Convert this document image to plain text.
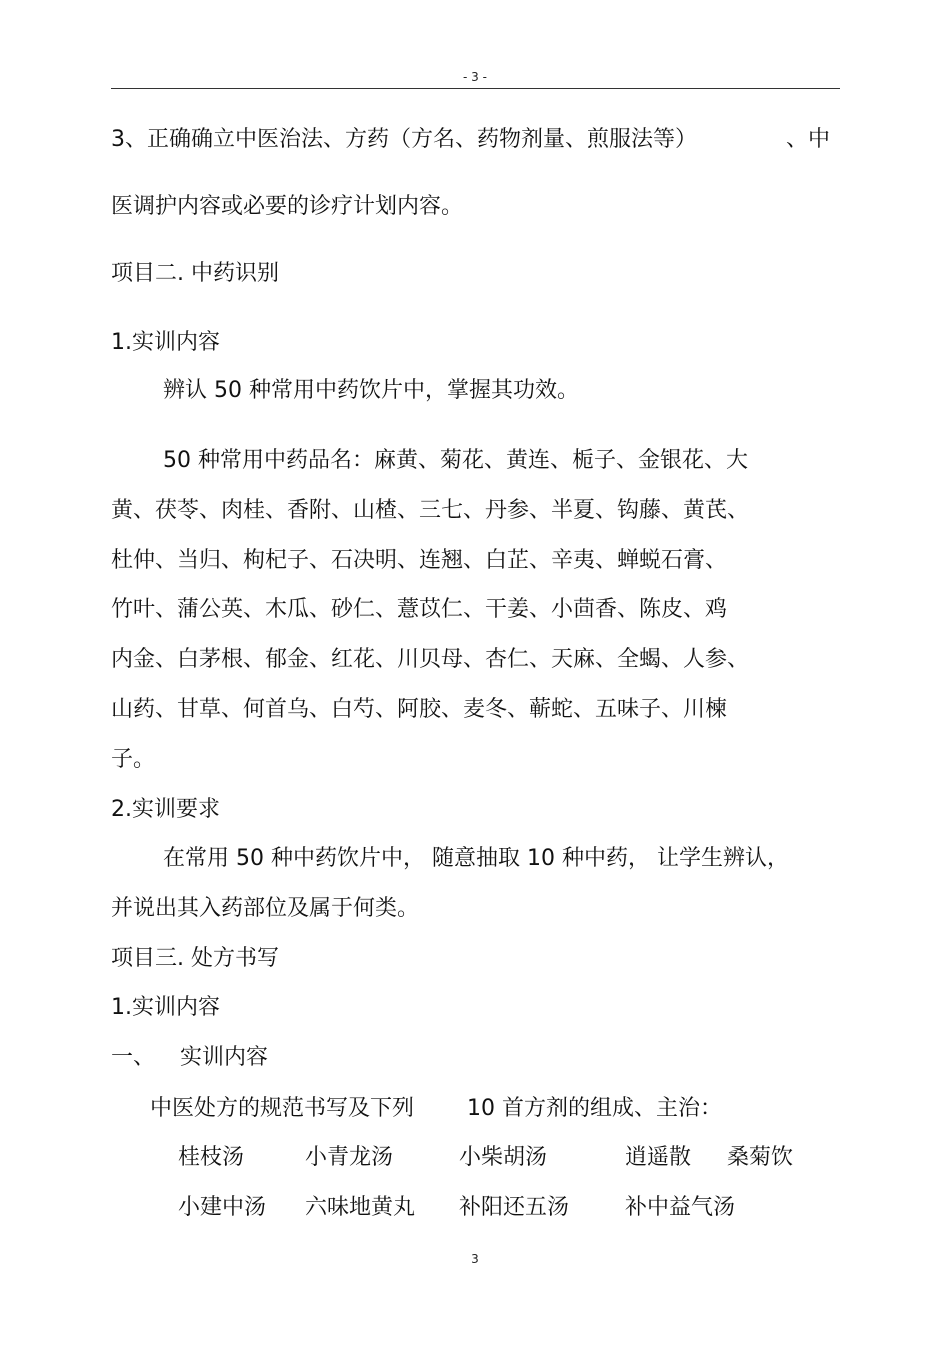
- 3 -
3、正确确立中医治法、方药（方名、药物剂量、煎服法等）	、中
医调护内容或必要的诊疗计划内容。
项目二. 中药识别
1.实训内容
辨认 50 种常用中药饮片中，掌握其功效。
50 种常用中药品名：麻黄、菊花、黄连、栀子、金银花、大
黄、茯苓、肉桂、香附、山楂、三七、丹参、半夏、钩藤、黄芪、
杜仲、当归、枸杞子、石决明、连翘、白芷、辛夷、蝉蜕石膏、
竹叶、蒲公英、木瓜、砂仁、薏苡仁、干姜、小茴香、陈皮、鸡
内金、白茅根、郁金、红花、川贝母、杏仁、天麻、全蝎、人参、
山药、甘草、何首乌、白芍、阿胶、麦冬、蕲蛇、五味子、川楝
子。
2.实训要求
在常用 50 种中药饮片中， 随意抽取 10 种中药， 让学生辨认，
并说出其入药部位及属于何类。
项目三. 处方书写
1.实训内容
一、 实训内容
中医处方的规范书写及下列 10 首方剂的组成、主治：
桂枝汤	小青龙汤	小柴胡汤	逍遥散 桑菊饮
小建中汤 六味地黄丸 补阳还五汤	补中益气汤
3
